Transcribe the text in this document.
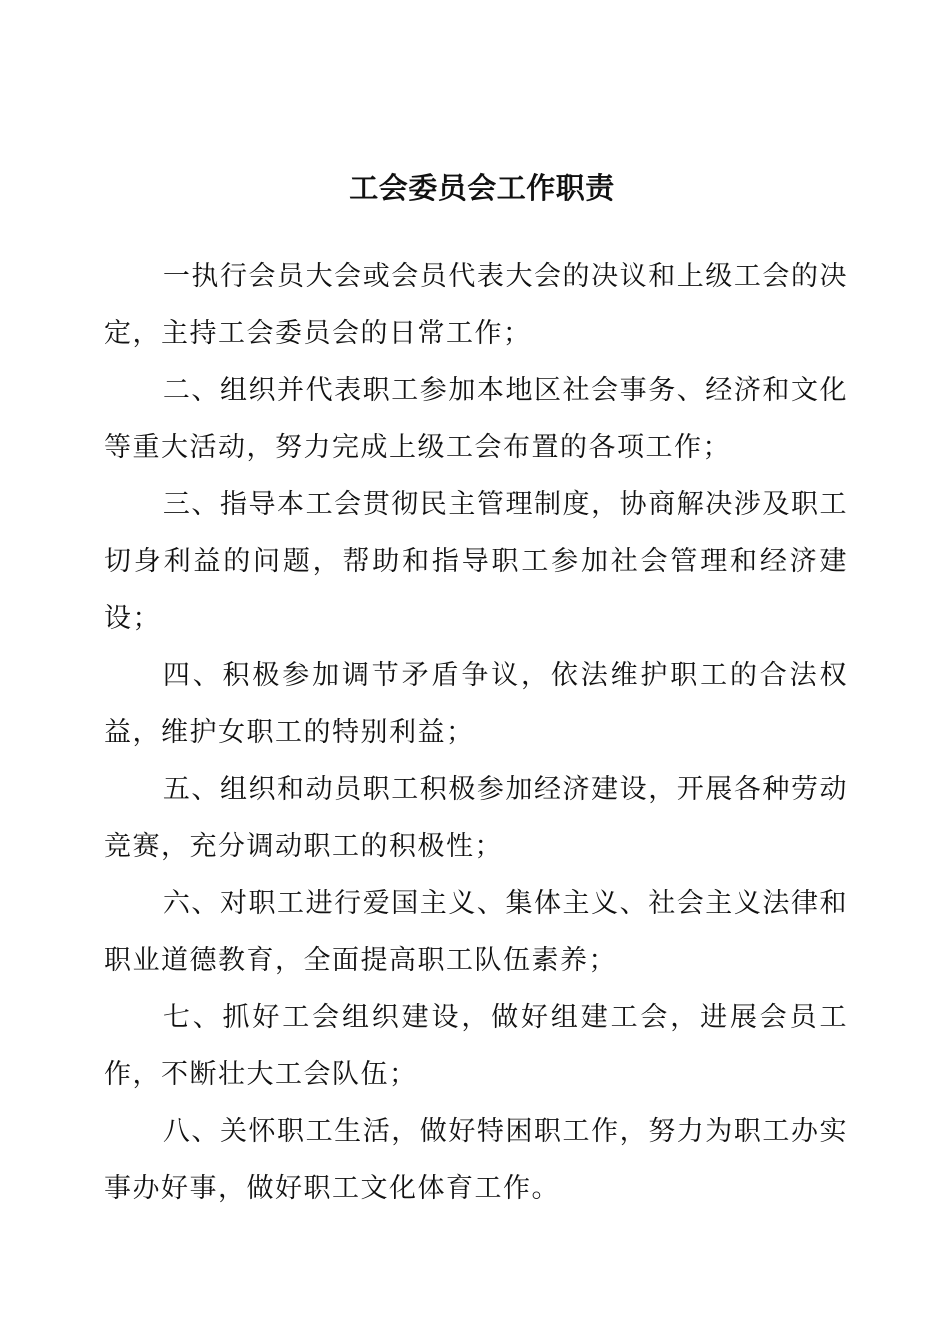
工会委员会工作职责

一执行会员大会或会员代表大会的决议和上级工会的决定，主持工会委员会的日常工作；

二、组织并代表职工参加本地区社会事务、经济和文化等重大活动，努力完成上级工会布置的各项工作；

三、指导本工会贯彻民主管理制度，协商解决涉及职工切身利益的问题，帮助和指导职工参加社会管理和经济建设；

四、积极参加调节矛盾争议，依法维护职工的合法权益，维护女职工的特别利益；

五、组织和动员职工积极参加经济建设，开展各种劳动竞赛，充分调动职工的积极性；

六、对职工进行爱国主义、集体主义、社会主义法律和职业道德教育，全面提高职工队伍素养；

七、抓好工会组织建设，做好组建工会，进展会员工作，不断壮大工会队伍；

八、关怀职工生活，做好特困职工作，努力为职工办实事办好事，做好职工文化体育工作。
